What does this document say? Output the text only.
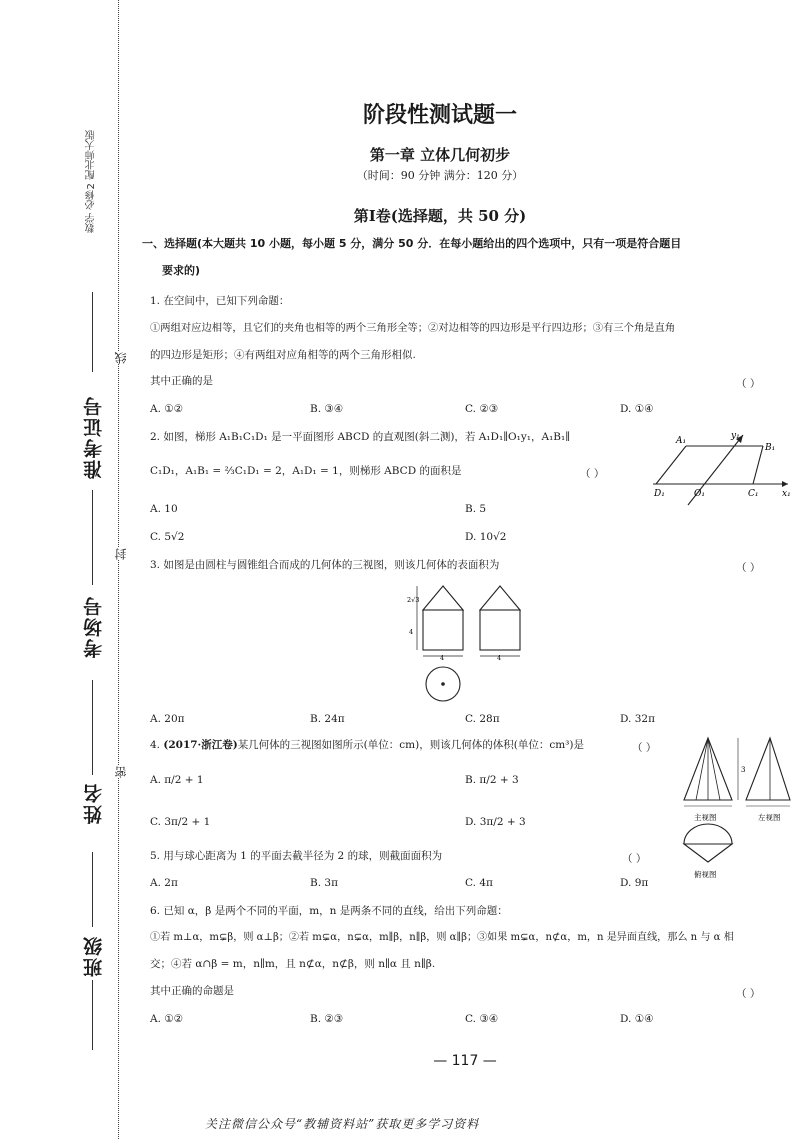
数学 必修2 配北师大版
准考证号
考场号
姓名
班级
线
封
密
阶段性测试题一
第一章 立体几何初步
（时间：90 分钟 满分：120 分）
第Ⅰ卷(选择题，共 50 分)
一、选择题(本大题共 10 小题，每小题 5 分，满分 50 分．在每小题给出的四个选项中，只有一项是符合题目
要求的)
1. 在空间中，已知下列命题：
①两组对应边相等，且它们的夹角也相等的两个三角形全等；②对边相等的四边形是平行四边形；③有三个角是直角
的四边形是矩形；④有两组对应角相等的两个三角形相似.
其中正确的是	（ ）
A. ①②	B. ③④	C. ②③	D. ①④
2. 如图，梯形 A₁B₁C₁D₁ 是一平面图形 ABCD 的直观图(斜二测)，若 A₁D₁∥O₁y₁，A₁B₁∥
C₁D₁，A₁B₁ = ⅔C₁D₁ = 2，A₁D₁ = 1，则梯形 ABCD 的面积是	（ ）
A. 10	B. 5
C. 5√2	D. 10√2
A₁	y₁
B₁
D₁	O₁	C₁	x₁
3. 如图是由圆柱与圆锥组合而成的几何体的三视图，则该几何体的表面积为	（ ）
2√3
4
4	4
A. 20π	B. 24π	C. 28π	D. 32π
4. (2017·浙江卷)某几何体的三视图如图所示(单位：cm)，则该几何体的体积(单位：cm³)是	（ ）
A. π/2 + 1	B. π/2 + 3
C. 3π/2 + 1	D. 3π/2 + 3
3
主视图	左视图
俯视图
5. 用与球心距离为 1 的平面去截半径为 2 的球，则截面面积为	（ ）
A. 2π	B. 3π	C. 4π	D. 9π
6. 已知 α，β 是两个不同的平面，m，n 是两条不同的直线，给出下列命题：
①若 m⊥α，m⊊β，则 α⊥β；②若 m⊊α，n⊊α，m∥β，n∥β，则 α∥β；③如果 m⊊α，n⊄α，m，n 是异面直线，那么 n 与 α 相
交；④若 α∩β = m，n∥m，且 n⊄α，n⊄β，则 n∥α 且 n∥β.
其中正确的命题是	（ ）
A. ①②	B. ②③	C. ③④	D. ①④
— 117 —
关注微信公众号“教辅资料站”获取更多学习资料
